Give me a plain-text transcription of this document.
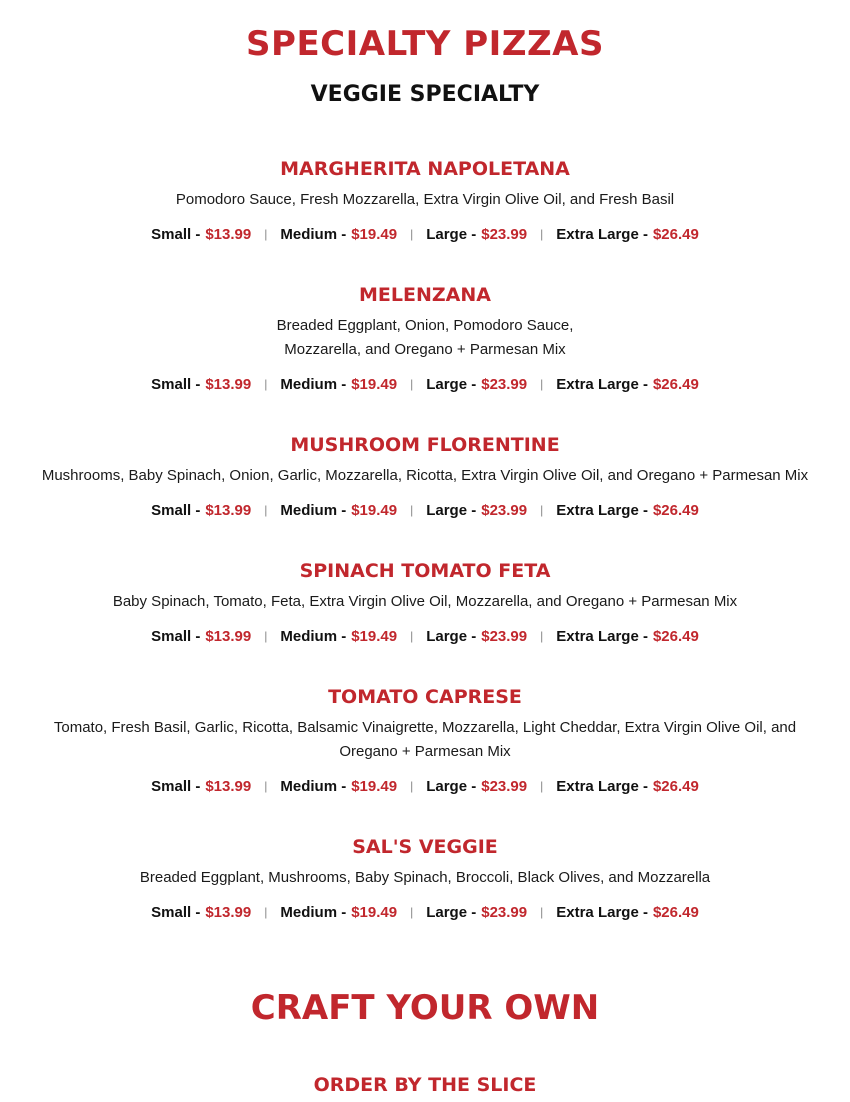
SPECIALTY PIZZAS
VEGGIE SPECIALTY
MARGHERITA NAPOLETANA
Pomodoro Sauce, Fresh Mozzarella, Extra Virgin Olive Oil, and Fresh Basil
Small - $13.99 | Medium - $19.49 | Large - $23.99 | Extra Large - $26.49
MELENZANA
Breaded Eggplant, Onion, Pomodoro Sauce,
Mozzarella, and Oregano + Parmesan Mix
Small - $13.99 | Medium - $19.49 | Large - $23.99 | Extra Large - $26.49
MUSHROOM FLORENTINE
Mushrooms, Baby Spinach, Onion, Garlic, Mozzarella, Ricotta, Extra Virgin Olive Oil, and Oregano + Parmesan Mix
Small - $13.99 | Medium - $19.49 | Large - $23.99 | Extra Large - $26.49
SPINACH TOMATO FETA
Baby Spinach, Tomato, Feta, Extra Virgin Olive Oil, Mozzarella, and Oregano + Parmesan Mix
Small - $13.99 | Medium - $19.49 | Large - $23.99 | Extra Large - $26.49
TOMATO CAPRESE
Tomato, Fresh Basil, Garlic, Ricotta, Balsamic Vinaigrette, Mozzarella, Light Cheddar, Extra Virgin Olive Oil, and
Oregano + Parmesan Mix
Small - $13.99 | Medium - $19.49 | Large - $23.99 | Extra Large - $26.49
SAL'S VEGGIE
Breaded Eggplant, Mushrooms, Baby Spinach, Broccoli, Black Olives, and Mozzarella
Small - $13.99 | Medium - $19.49 | Large - $23.99 | Extra Large - $26.49
CRAFT YOUR OWN
ORDER BY THE SLICE
